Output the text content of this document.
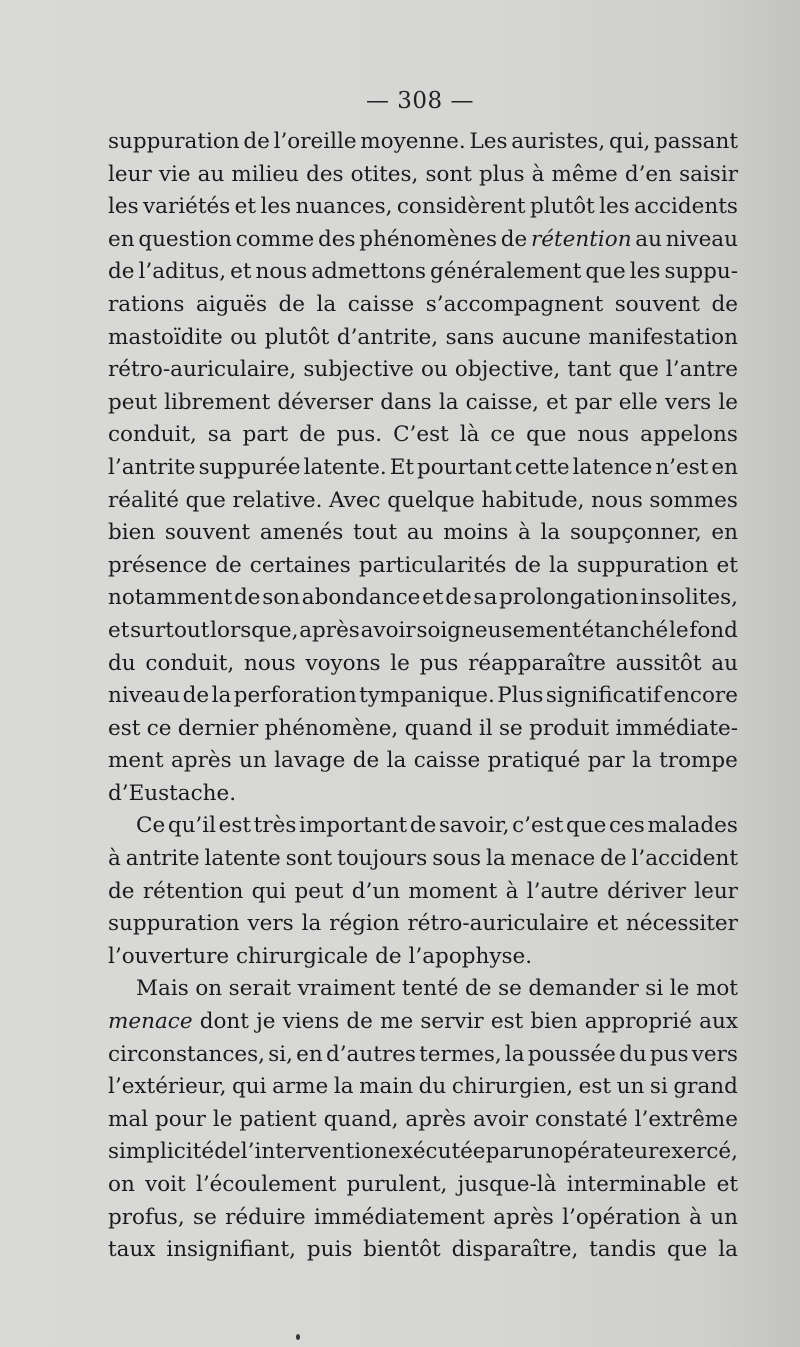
— 308 —
suppuration de l’oreille moyenne. Les auristes, qui, passant
leur vie au milieu des otites, sont plus à même d’en saisir
les variétés et les nuances, considèrent plutôt les accidents
en question comme des phénomènes de rétention au niveau
de l’aditus, et nous admettons généralement que les suppu-
rations aiguës de la caisse s’accompagnent souvent de
mastoïdite ou plutôt d’antrite, sans aucune manifestation
rétro-auriculaire, subjective ou objective, tant que l’antre
peut librement déverser dans la caisse, et par elle vers le
conduit, sa part de pus. C’est là ce que nous appelons
l’antrite suppurée latente. Et pourtant cette latence n’est en
réalité que relative. Avec quelque habitude, nous sommes
bien souvent amenés tout au moins à la soupçonner, en
présence de certaines particularités de la suppuration et
notamment de son abondance et de sa prolongation insolites,
et surtout lorsque, après avoir soigneusement étanché le fond
du conduit, nous voyons le pus réapparaître aussitôt au
niveau de la perforation tympanique. Plus significatif encore
est ce dernier phénomène, quand il se produit immédiate-
ment après un lavage de la caisse pratiqué par la trompe
d’Eustache.
Ce qu’il est très important de savoir, c’est que ces malades
à antrite latente sont toujours sous la menace de l’accident
de rétention qui peut d’un moment à l’autre dériver leur
suppuration vers la région rétro-auriculaire et nécessiter
l’ouverture chirurgicale de l’apophyse.
Mais on serait vraiment tenté de se demander si le mot
menace dont je viens de me servir est bien approprié aux
circonstances, si, en d’autres termes, la poussée du pus vers
l’extérieur, qui arme la main du chirurgien, est un si grand
mal pour le patient quand, après avoir constaté l’extrême
simplicité de l’intervention exécutée par un opérateur exercé,
on voit l’écoulement purulent, jusque-là interminable et
profus, se réduire immédiatement après l’opération à un
taux insignifiant, puis bientôt disparaître, tandis que la
